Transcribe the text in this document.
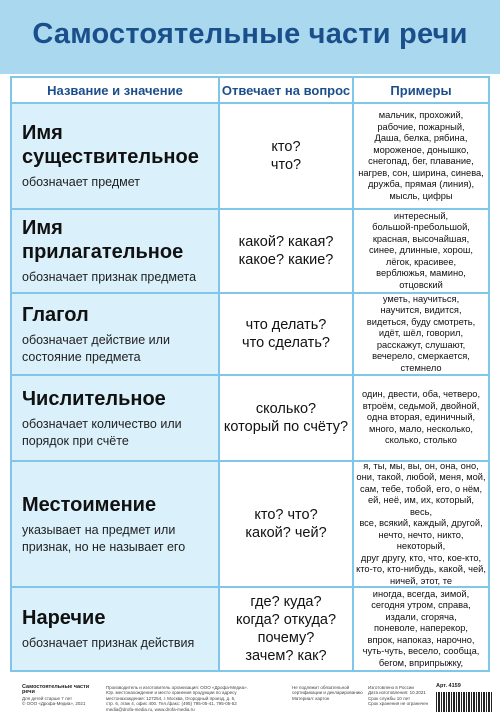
Самостоятельные части речи
Название и значение	Отвечает на вопрос	Примеры
Имя
существительное
обозначает предмет
кто?
что?
мальчик, прохожий,
рабочие, пожарный,
Даша, белка, рябина,
мороженое, донышко,
снегопад, бег, плавание,
нагрев, сон, ширина, синева,
дружба, прямая (линия),
мысль, цифры
Имя
прилагательное
обозначает признак предмета
какой? какая?
какое? какие?
интересный,
большой-пребольшой,
красная, высочайшая,
синее, длинные, хорош,
лёгок, красивее,
верблюжья, мамино,
отцовский
Глагол
обозначает действие или
состояние предмета
что делать?
что сделать?
уметь, научиться,
научится, видится,
видеться, буду смотреть,
идёт, шёл, говорил,
расскажут, слушают,
вечерело, смеркается,
стемнело
Числительное
обозначает количество или
порядок при счёте
сколько?
который по счёту?
один, двести, оба, четверо,
втроём, седьмой, двойной,
одна вторая, единичный,
много, мало, несколько,
сколько, столько
Местоимение
указывает на предмет или
признак, но не называет его
кто? что?
какой? чей?
я, ты, мы, вы, он, она, оно,
они, такой, любой, меня, мой,
сам, тебе, тобой, его, о нём,
ей, неё, им, их, который, весь,
все, всякий, каждый, другой,
нечто, нечто, никто, некоторый,
друг другу, кто, что, кое-кто,
кто-то, кто-нибудь, какой, чей,
ничей, этот, те
Наречие
обозначает признак действия
где? куда?
когда? откуда?
почему?
зачем? как?
иногда, всегда, зимой,
сегодня утром, справа,
издали, сгоряча,
поневоле, наперекор,
впрок, напоказ, нарочно,
чуть-чуть, весело, сообща,
бегом, вприпрыжку,
Самостоятельные части речи
Для детей старше 7 лет
© ООО «Дрофа-Медиа», 2021
Производитель и изготовитель организация: ООО «Дрофа-Медиа».
Юр. местонахождение и место хранения продукции по адресу
местонахождения: 127254, г. Москва, Огородный проезд, д. 5,
стр. 6, этаж 4, офис 400. Тел./факс: (495) 795-05-41, 795-05-52
media@drofa-media.ru, www.drofa-media.ru
Не подлежит обязательной
сертификации и декларированию
Материал: картон
Изготовлено в России
Дата изготовления: 10.2021
Срок службы 10 лет
Срок хранения не ограничен
Арт. 4159
